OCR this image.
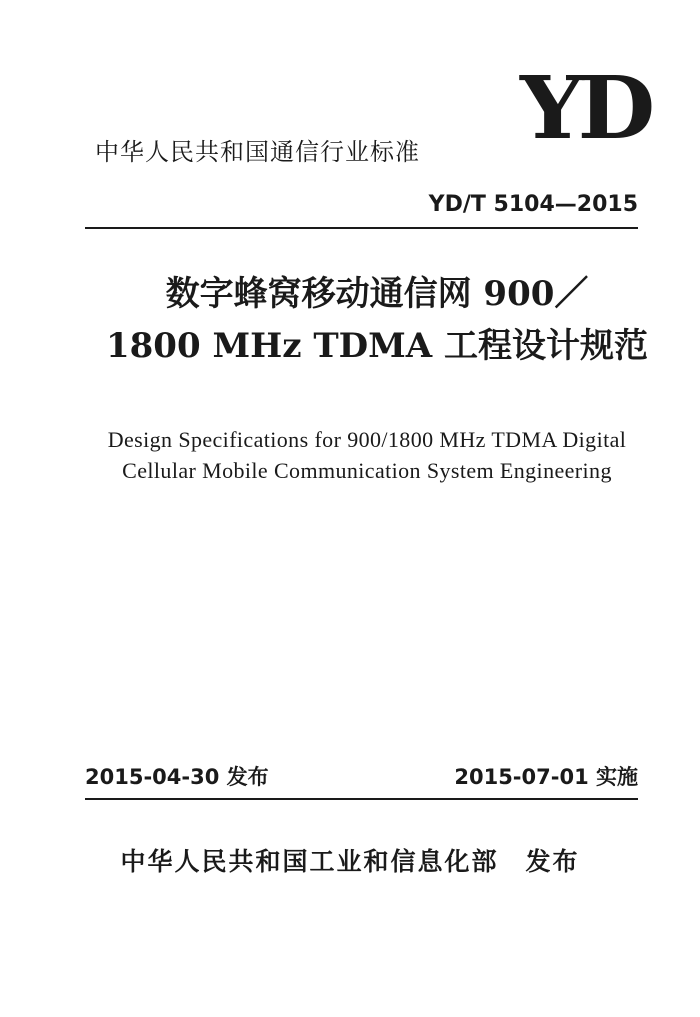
YD
中华人民共和国通信行业标准
YD/T 5104—2015
数字蜂窝移动通信网 900／
1800 MHz TDMA 工程设计规范
Design Specifications for 900/1800 MHz TDMA Digital
Cellular Mobile Communication System Engineering
2015-04-30 发布	2015-07-01 实施
中华人民共和国工业和信息化部　发布
